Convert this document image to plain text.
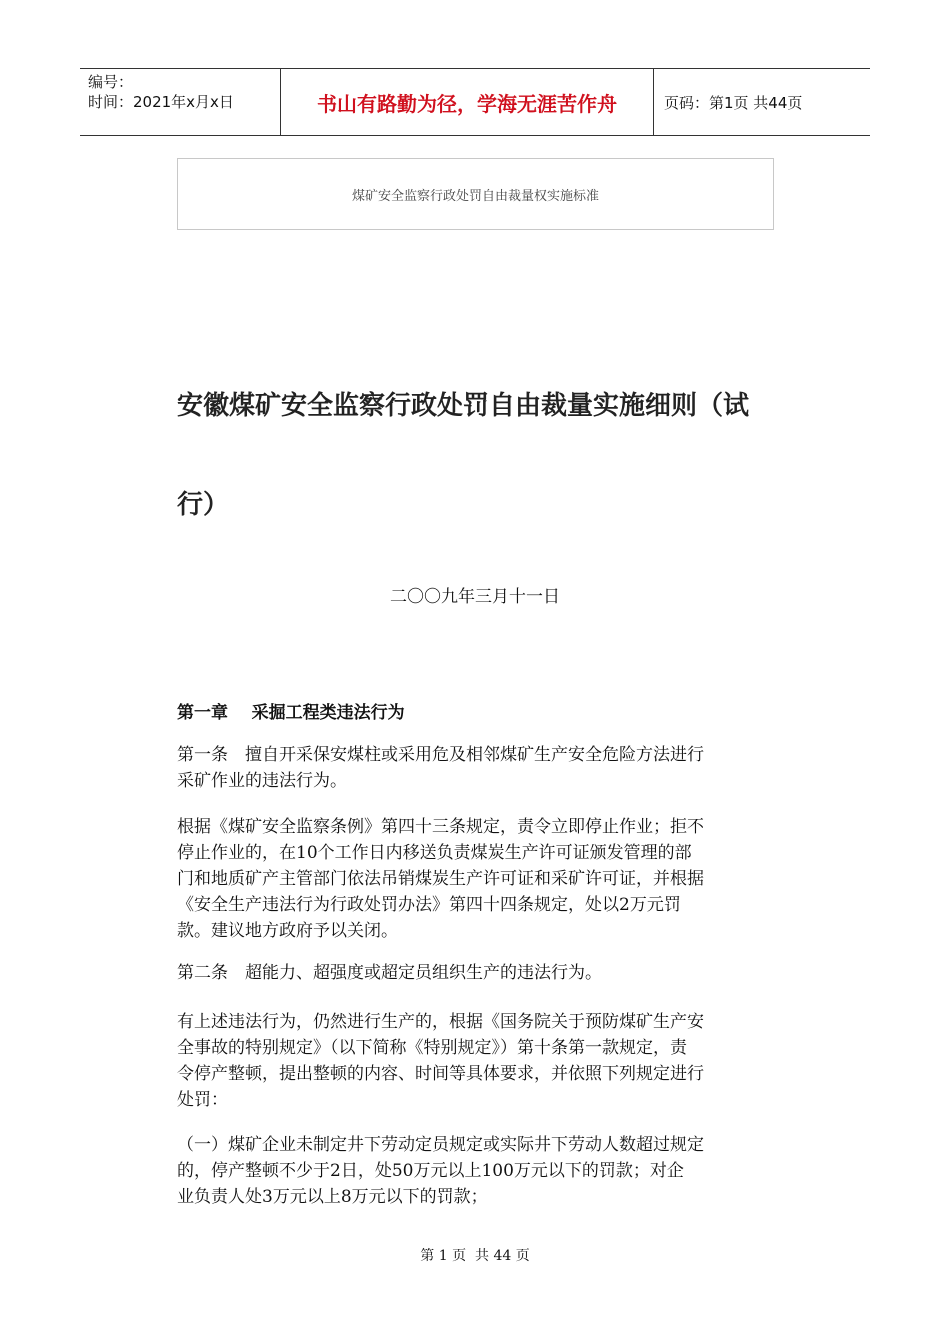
编号：
时间：2021年x月x日	书山有路勤为径，学海无涯苦作舟	页码：第1页 共44页
煤矿安全监察行政处罚自由裁量权实施标准
安徽煤矿安全监察行政处罚自由裁量实施细则（试
行）
二〇〇九年三月十一日
第一章    采掘工程类违法行为
第一条　擅自开采保安煤柱或采用危及相邻煤矿生产安全危险方法进行
采矿作业的违法行为。
根据《煤矿安全监察条例》第四十三条规定，责令立即停止作业；拒不
停止作业的，在10个工作日内移送负责煤炭生产许可证颁发管理的部
门和地质矿产主管部门依法吊销煤炭生产许可证和采矿许可证，并根据
《安全生产违法行为行政处罚办法》第四十四条规定，处以2万元罚
款。建议地方政府予以关闭。
第二条　超能力、超强度或超定员组织生产的违法行为。
有上述违法行为，仍然进行生产的，根据《国务院关于预防煤矿生产安
全事故的特别规定》（以下简称《特别规定》）第十条第一款规定，责
令停产整顿，提出整顿的内容、时间等具体要求，并依照下列规定进行
处罚：
（一）煤矿企业未制定井下劳动定员规定或实际井下劳动人数超过规定
的，停产整顿不少于2日，处50万元以上100万元以下的罚款；对企
业负责人处3万元以上8万元以下的罚款；
第 1 页  共 44 页
